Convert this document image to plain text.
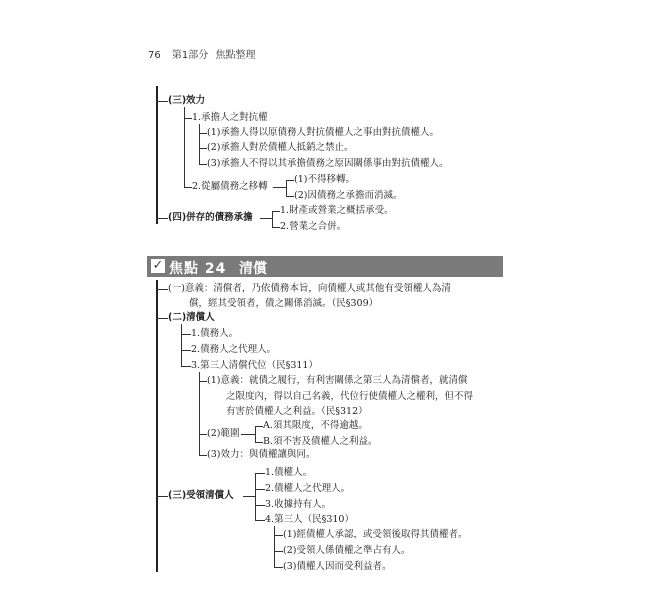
76 第1部分 焦點整理
(三)效力
1.承擔人之對抗權
(1)承擔人得以原債務人對抗債權人之事由對抗債權人。
(2)承擔人對於債權人抵銷之禁止。
(3)承擔人不得以其承擔債務之原因關係事由對抗債權人。
2.從屬債務之移轉
(1)不得移轉。
(2)因債務之承擔而消滅。
(四)併存的債務承擔
1.財產或營業之概括承受。
2.營業之合併。
✓ 焦點 24 清償
(一)意義：清償者，乃依債務本旨，向債權人或其他有受領權人為清
償，經其受領者，債之關係消滅。（民§309）
(二)清償人
1.債務人。
2.債務人之代理人。
3.第三人清償代位（民§311）
(1)意義：就債之履行，有利害關係之第三人為清償者，就清償
之限度內，得以自己名義，代位行使債權人之權利，但不得
有害於債權人之利益。（民§312）
(2)範圍
A.須其限度，不得逾越。
B.須不害及債權人之利益。
(3)效力：與債權讓與同。
(三)受領清償人
1.債權人。
2.債權人之代理人。
3.收據持有人。
4.第三人（民§310）
(1)經債權人承認，或受領後取得其債權者。
(2)受領人係債權之準占有人。
(3)債權人因而受利益者。
